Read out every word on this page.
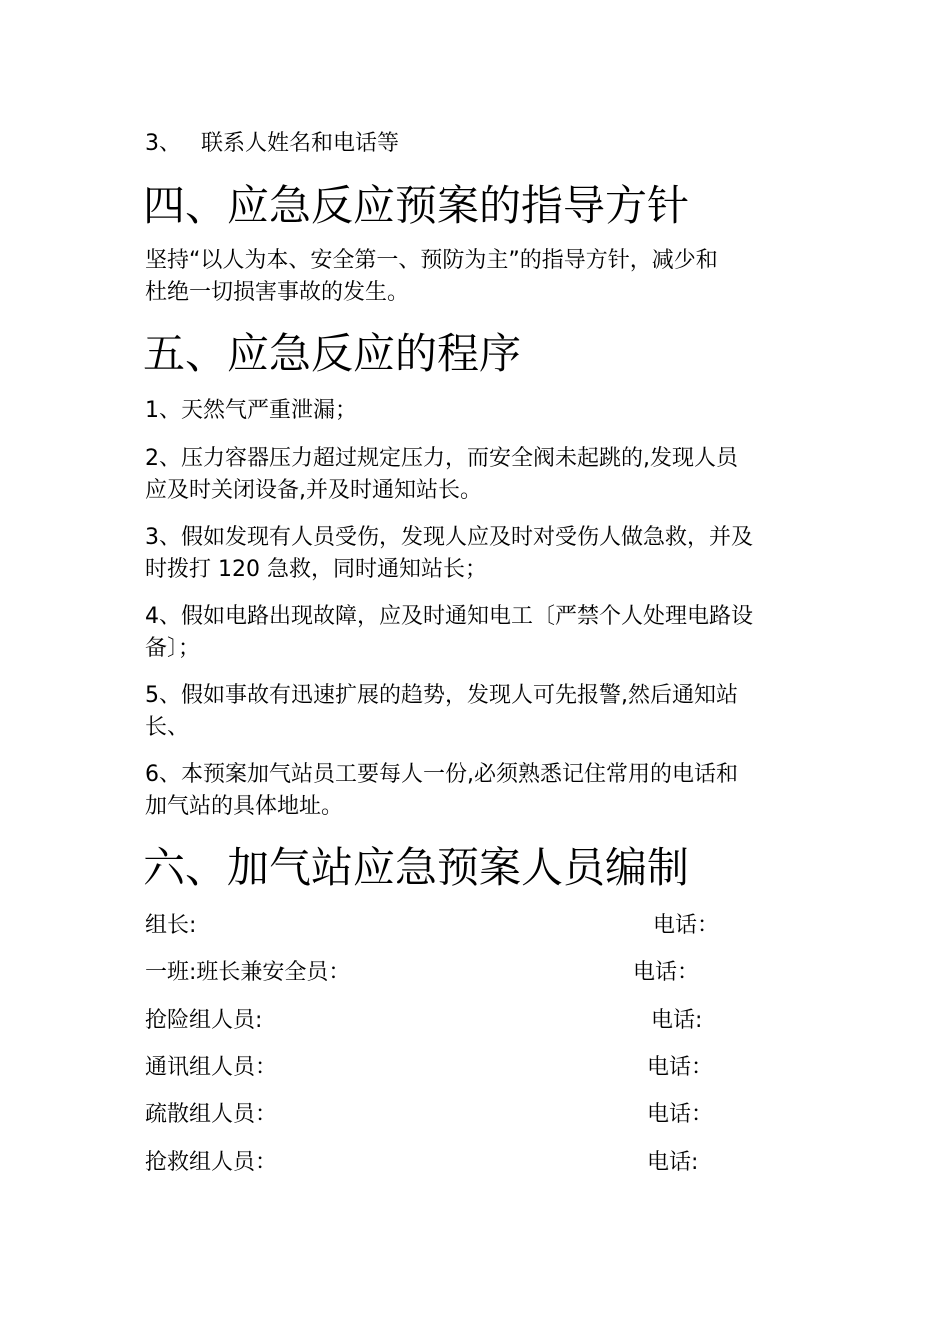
3、 联系人姓名和电话等
四、应急反应预案的指导方针
坚持“以人为本、安全第一、预防为主”的指导方针，减少和
杜绝一切损害事故的发生。
五、应急反应的程序
1、天然气严重泄漏；
2、压力容器压力超过规定压力，而安全阀未起跳的,发现人员
应及时关闭设备,并及时通知站长。
3、假如发现有人员受伤，发现人应及时对受伤人做急救，并及
时拨打 120 急救，同时通知站长；
4、假如电路出现故障，应及时通知电工〔严禁个人处理电路设
备〕；
5、假如事故有迅速扩展的趋势，发现人可先报警,然后通知站
长、
6、本预案加气站员工要每人一份,必须熟悉记住常用的电话和
加气站的具体地址。
六、加气站应急预案人员编制
组长:	电话：
一班:班长兼安全员：	电话：
抢险组人员:	电话:
通讯组人员：	电话：
疏散组人员：	电话：
抢救组人员：	电话:
